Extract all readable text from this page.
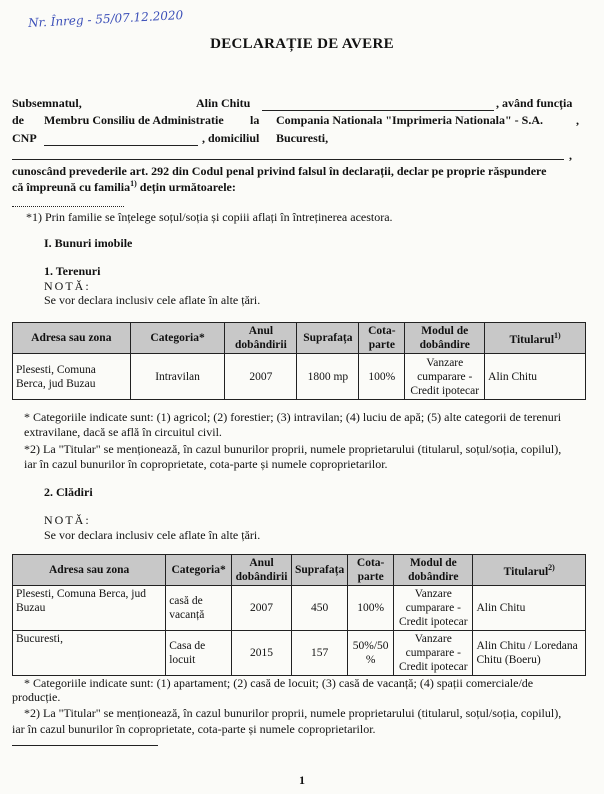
Nr. Înreg - 55/07.12.2020
DECLARAȚIE DE AVERE
Subsemnatul,	Alin Chitu	, având funcția
de Membru Consiliu de Administratie la Compania Nationala "Imprimeria Nationala" - S.A.	,
CNP	, domiciliul Bucuresti,
,
cunoscând prevederile art. 292 din Codul penal privind falsul în declarații, declar pe proprie răspundere
că împreună cu familia$^{1)}$ dețin următoarele:
*1) Prin familie se înțelege soțul/soția și copiii aflați în întreținerea acestora.
I. Bunuri imobile
1. Terenuri
NOTĂ:
Se vor declara inclusiv cele aflate în alte țări.
Adresa sau zona	Categoria*	Anul dobândirii	Suprafața	Cota-parte	Modul de dobândire	Titularul$^{1)}$
Plesesti, Comuna Berca, jud Buzau	Intravilan	2007	1800 mp	100%	Vanzare cumparare - Credit ipotecar	Alin Chitu
* Categoriile indicate sunt: (1) agricol; (2) forestier; (3) intravilan; (4) luciu de apă; (5) alte categorii de terenuri
extravilane, dacă se află în circuitul civil.
*2) La "Titular" se menționează, în cazul bunurilor proprii, numele proprietarului (titularul, soțul/soția, copilul),
iar în cazul bunurilor în coproprietate, cota-parte și numele coproprietarilor.
2. Clădiri
NOTĂ:
Se vor declara inclusiv cele aflate în alte țări.
Adresa sau zona	Categoria*	Anul dobândirii	Suprafața	Cota-parte	Modul de dobândire	Titularul$^{2)}$
Plesesti, Comuna Berca, jud Buzau	casă de vacanță	2007	450	100%	Vanzare cumparare - Credit ipotecar	Alin Chitu
Bucuresti,	Casa de locuit	2015	157	50%/50 %	Vanzare cumparare - Credit ipotecar	Alin Chitu / Loredana Chitu (Boeru)
* Categoriile indicate sunt: (1) apartament; (2) casă de locuit; (3) casă de vacanță; (4) spații comerciale/de
producție.
*2) La "Titular" se menționează, în cazul bunurilor proprii, numele proprietarului (titularul, soțul/soția, copilul),
iar în cazul bunurilor în coproprietate, cota-parte și numele coproprietarilor.
1
